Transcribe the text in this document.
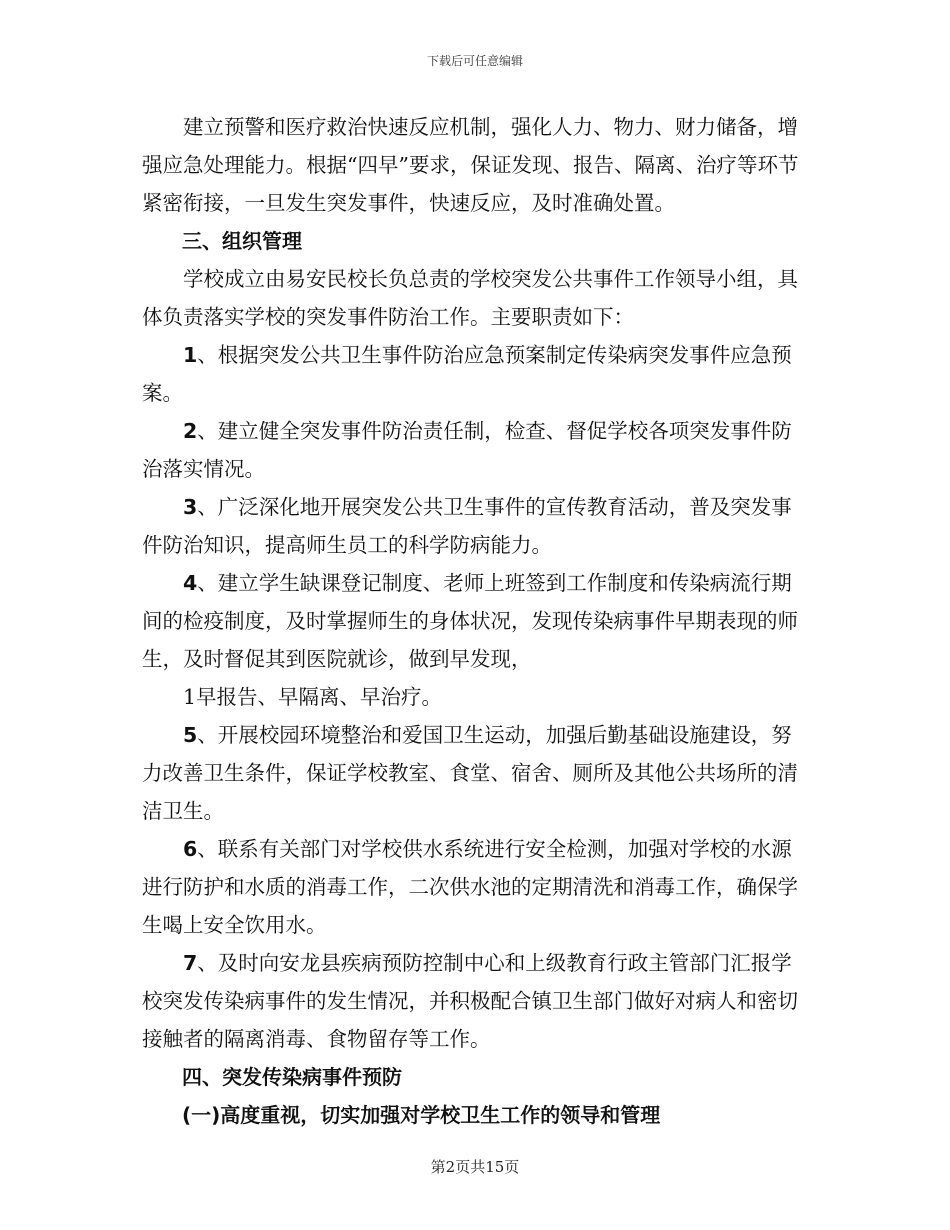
下载后可任意编辑

建立预警和医疗救治快速反应机制，强化人力、物力、财力储备，增强应急处理能力。根据“四早”要求，保证发现、报告、隔离、治疗等环节紧密衔接，一旦发生突发事件，快速反应，及时准确处置。

三、组织管理

学校成立由易安民校长负总责的学校突发公共事件工作领导小组，具体负责落实学校的突发事件防治工作。主要职责如下：

1、根据突发公共卫生事件防治应急预案制定传染病突发事件应急预案。

2、建立健全突发事件防治责任制，检查、督促学校各项突发事件防治落实情况。

3、广泛深化地开展突发公共卫生事件的宣传教育活动，普及突发事件防治知识，提高师生员工的科学防病能力。

4、建立学生缺课登记制度、老师上班签到工作制度和传染病流行期间的检疫制度，及时掌握师生的身体状况，发现传染病事件早期表现的师生，及时督促其到医院就诊，做到早发现，

1早报告、早隔离、早治疗。

5、开展校园环境整治和爱国卫生运动，加强后勤基础设施建设，努力改善卫生条件，保证学校教室、食堂、宿舍、厕所及其他公共场所的清洁卫生。

6、联系有关部门对学校供水系统进行安全检测，加强对学校的水源进行防护和水质的消毒工作，二次供水池的定期清洗和消毒工作，确保学生喝上安全饮用水。

7、及时向安龙县疾病预防控制中心和上级教育行政主管部门汇报学校突发传染病事件的发生情况，并积极配合镇卫生部门做好对病人和密切接触者的隔离消毒、食物留存等工作。

四、突发传染病事件预防

(一)高度重视，切实加强对学校卫生工作的领导和管理

第2页共15页
